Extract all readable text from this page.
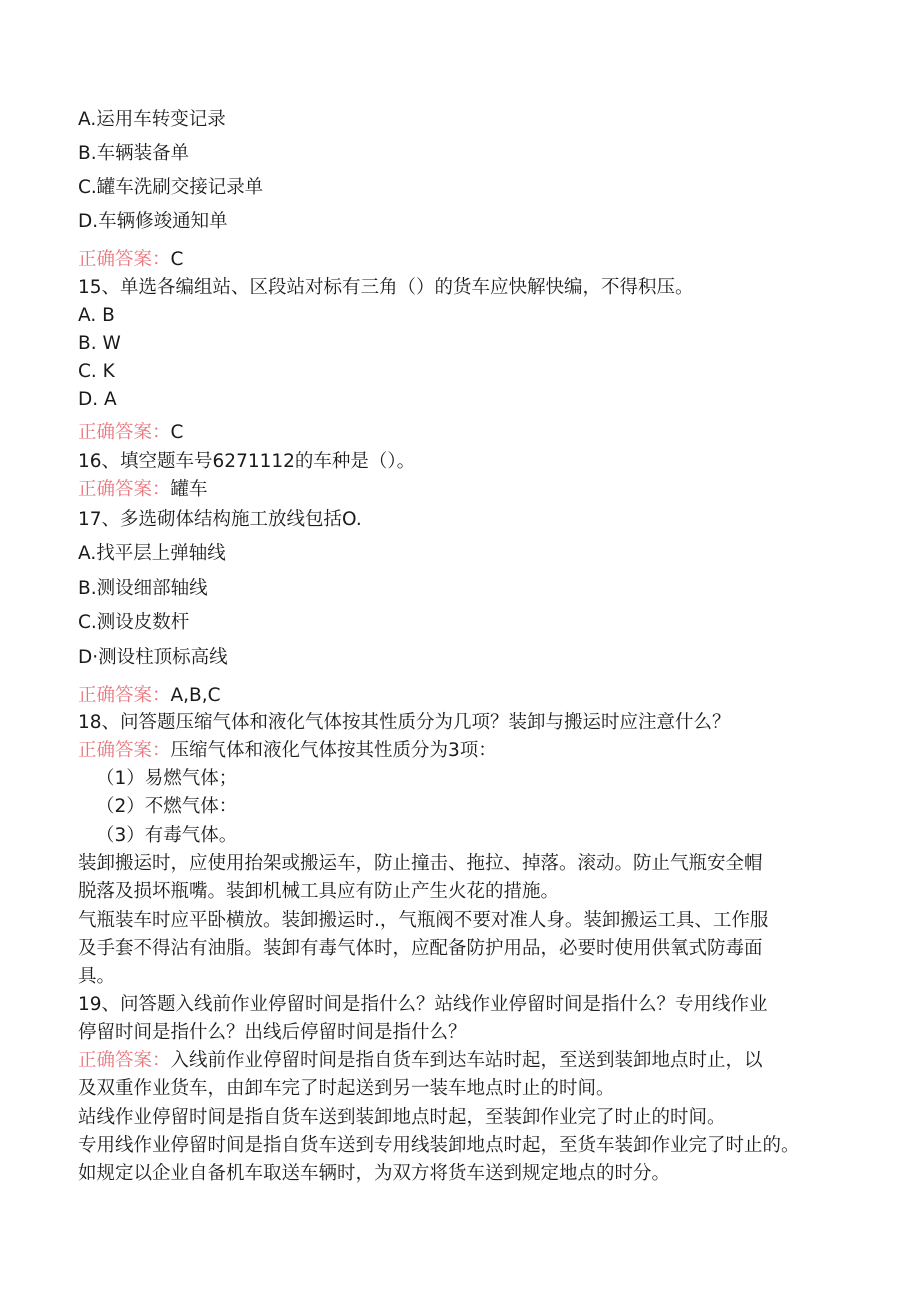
A.运用车转变记录
B.车辆装备单
C.罐车洗刷交接记录单
D.车辆修竣通知单
正确答案：C
15、单选各编组站、区段站对标有三角（）的货车应快解快编，不得积压。
A. B
B. W
C. K
D. A
正确答案：C
16、填空题车号6271112的车种是（）。
正确答案：罐车
17、多选砌体结构施工放线包括O.
A.找平层上弹轴线
B.测设细部轴线
C.测设皮数杆
D·测设柱顶标高线
正确答案：A,B,C
18、问答题压缩气体和液化气体按其性质分为几项？装卸与搬运时应注意什么？
正确答案：压缩气体和液化气体按其性质分为3项：
（1）易燃气体；
（2）不燃气体：
（3）有毒气体。
装卸搬运时，应使用抬架或搬运车，防止撞击、拖拉、掉落。滚动。防止气瓶安全帽
脱落及损坏瓶嘴。装卸机械工具应有防止产生火花的措施。
气瓶装车时应平卧横放。装卸搬运时.，气瓶阀不要对准人身。装卸搬运工具、工作服
及手套不得沾有油脂。装卸有毒气体时，应配备防护用品，必要时使用供氧式防毒面
具。
19、问答题入线前作业停留时间是指什么？站线作业停留时间是指什么？专用线作业
停留时间是指什么？出线后停留时间是指什么？
正确答案：入线前作业停留时间是指自货车到达车站时起，至送到装卸地点时止，以
及双重作业货车，由卸车完了时起送到另一装车地点时止的时间。
站线作业停留时间是指自货车送到装卸地点时起，至装卸作业完了时止的时间。
专用线作业停留时间是指自货车送到专用线装卸地点时起，至货车装卸作业完了时止的。
如规定以企业自备机车取送车辆时，为双方将货车送到规定地点的时分。
